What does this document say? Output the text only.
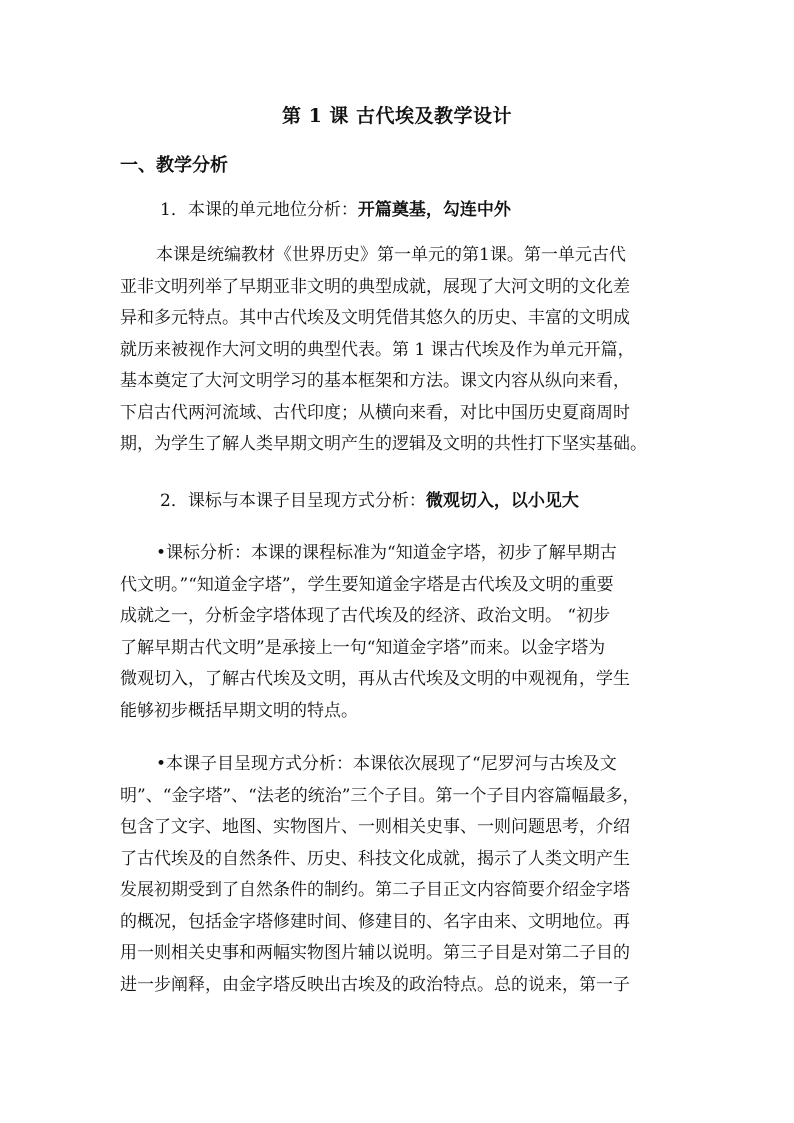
第 1 课 古代埃及教学设计
一、教学分析
1．本课的单元地位分析：开篇奠基，勾连中外
本课是统编教材《世界历史》第一单元的第1课。第一单元古代
亚非文明列举了早期亚非文明的典型成就，展现了大河文明的文化差
异和多元特点。其中古代埃及文明凭借其悠久的历史、丰富的文明成
就历来被视作大河文明的典型代表。第 1 课古代埃及作为单元开篇，
基本奠定了大河文明学习的基本框架和方法。课文内容从纵向来看，
下启古代两河流域、古代印度；从横向来看，对比中国历史夏商周时
期，为学生了解人类早期文明产生的逻辑及文明的共性打下坚实基础。
2．课标与本课子目呈现方式分析：微观切入，以小见大
•课标分析：本课的课程标准为“知道金字塔，初步了解早期古
代文明。”“知道金字塔”，学生要知道金字塔是古代埃及文明的重要
成就之一，分析金字塔体现了古代埃及的经济、政治文明。 “初步
了解早期古代文明”是承接上一句“知道金字塔”而来。以金字塔为
微观切入，了解古代埃及文明，再从古代埃及文明的中观视角，学生
能够初步概括早期文明的特点。
•本课子目呈现方式分析：本课依次展现了“尼罗河与古埃及文
明”、“金字塔”、“法老的统治”三个子目。第一个子目内容篇幅最多，
包含了文字、地图、实物图片、一则相关史事、一则问题思考，介绍
了古代埃及的自然条件、历史、科技文化成就，揭示了人类文明产生
发展初期受到了自然条件的制约。第二子目正文内容简要介绍金字塔
的概况，包括金字塔修建时间、修建目的、名字由来、文明地位。再
用一则相关史事和两幅实物图片辅以说明。第三子目是对第二子目的
进一步阐释，由金字塔反映出古埃及的政治特点。总的说来，第一子
